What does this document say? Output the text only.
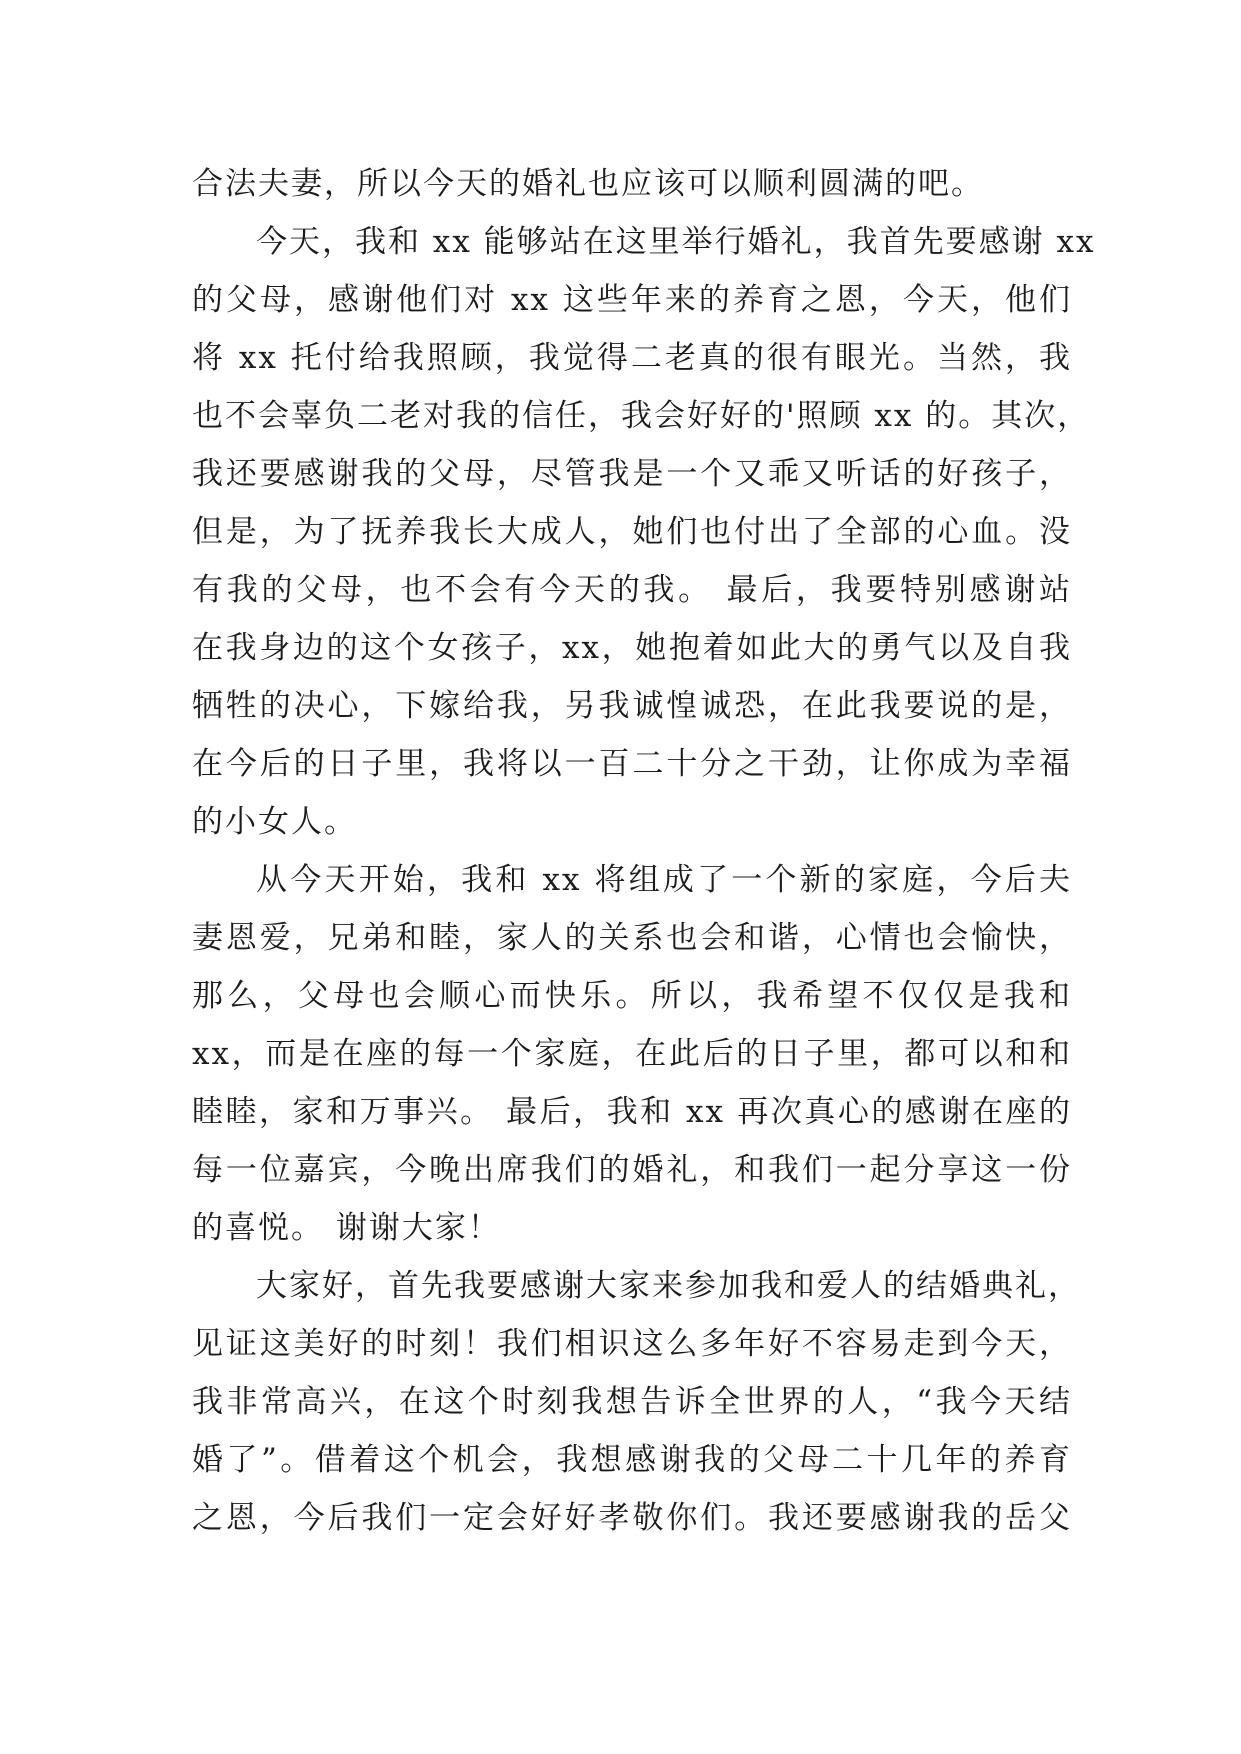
合法夫妻，所以今天的婚礼也应该可以顺利圆满的吧。
今天，我和 xx 能够站在这里举行婚礼，我首先要感谢 xx
的父母，感谢他们对 xx 这些年来的养育之恩，今天，他们
将 xx 托付给我照顾，我觉得二老真的很有眼光。当然，我
也不会辜负二老对我的信任，我会好好的'照顾 xx 的。其次，
我还要感谢我的父母，尽管我是一个又乖又听话的好孩子，
但是，为了抚养我长大成人，她们也付出了全部的心血。没
有我的父母，也不会有今天的我。 最后，我要特别感谢站
在我身边的这个女孩子，xx，她抱着如此大的勇气以及自我
牺牲的决心，下嫁给我，另我诚惶诚恐，在此我要说的是，
在今后的日子里，我将以一百二十分之干劲，让你成为幸福
的小女人。
从今天开始，我和 xx 将组成了一个新的家庭，今后夫
妻恩爱，兄弟和睦，家人的关系也会和谐，心情也会愉快，
那么，父母也会顺心而快乐。所以，我希望不仅仅是我和
xx，而是在座的每一个家庭，在此后的日子里，都可以和和
睦睦，家和万事兴。 最后，我和 xx 再次真心的感谢在座的
每一位嘉宾，今晚出席我们的婚礼，和我们一起分享这一份
的喜悦。 谢谢大家！
大家好，首先我要感谢大家来参加我和爱人的结婚典礼，
见证这美好的时刻！我们相识这么多年好不容易走到今天，
我非常高兴，在这个时刻我想告诉全世界的人，“我今天结
婚了”。借着这个机会，我想感谢我的父母二十几年的养育
之恩，今后我们一定会好好孝敬你们。我还要感谢我的岳父
